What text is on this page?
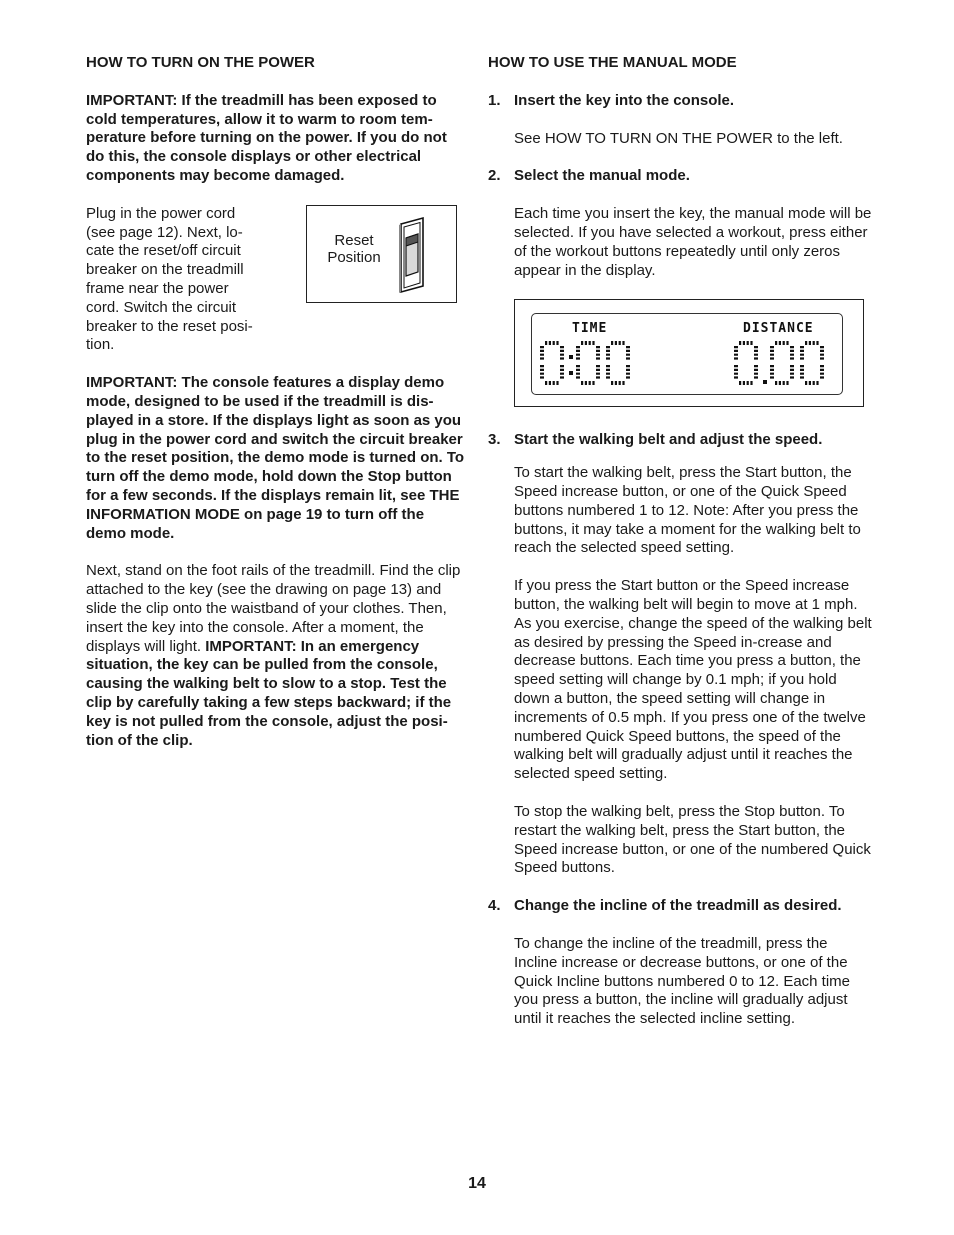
HOW TO TURN ON THE POWER

IMPORTANT: If the treadmill has been exposed to cold temperatures, allow it to warm to room tem-perature before turning on the power. If you do not do this, the console displays or other electrical components may become damaged.

Plug in the power cord (see page 12). Next, lo-cate the reset/off circuit breaker on the treadmill frame near the power cord. Switch the circuit breaker to the reset posi-tion.

Reset
Position

IMPORTANT: The console features a display demo mode, designed to be used if the treadmill is dis-played in a store. If the displays light as soon as you plug in the power cord and switch the circuit breaker to the reset position, the demo mode is turned on. To turn off the demo mode, hold down the Stop button for a few seconds. If the displays remain lit, see THE INFORMATION MODE on page 19 to turn off the demo mode.

Next, stand on the foot rails of the treadmill. Find the clip attached to the key (see the drawing on page 13) and slide the clip onto the waistband of your clothes. Then, insert the key into the console. After a moment, the displays will light. IMPORTANT: In an emergency situation, the key can be pulled from the console, causing the walking belt to slow to a stop. Test the clip by carefully taking a few steps backward; if the key is not pulled from the console, adjust the posi-tion of the clip.

HOW TO USE THE MANUAL MODE

1. Insert the key into the console.

See HOW TO TURN ON THE POWER to the left.

2. Select the manual mode.

Each time you insert the key, the manual mode will be selected. If you have selected a workout, press either of the workout buttons repeatedly until only zeros appear in the display.

TIME	DISTANCE
3. Start the walking belt and adjust the speed.

To start the walking belt, press the Start button, the Speed increase button, or one of the Quick Speed buttons numbered 1 to 12. Note: After you press the buttons, it may take a moment for the walking belt to reach the selected speed setting.

If you press the Start button or the Speed increase button, the walking belt will begin to move at 1 mph. As you exercise, change the speed of the walking belt as desired by pressing the Speed in-crease and decrease buttons. Each time you press a button, the speed setting will change by 0.1 mph; if you hold down a button, the speed setting will change in increments of 0.5 mph. If you press one of the twelve numbered Quick Speed buttons, the speed of the walking belt will gradually adjust until it reaches the selected speed setting.

To stop the walking belt, press the Stop button. To restart the walking belt, press the Start button, the Speed increase button, or one of the numbered Quick Speed buttons.

4. Change the incline of the treadmill as desired.

To change the incline of the treadmill, press the Incline increase or decrease buttons, or one of the Quick Incline buttons numbered 0 to 12. Each time you press a button, the incline will gradually adjust until it reaches the selected incline setting.

14
